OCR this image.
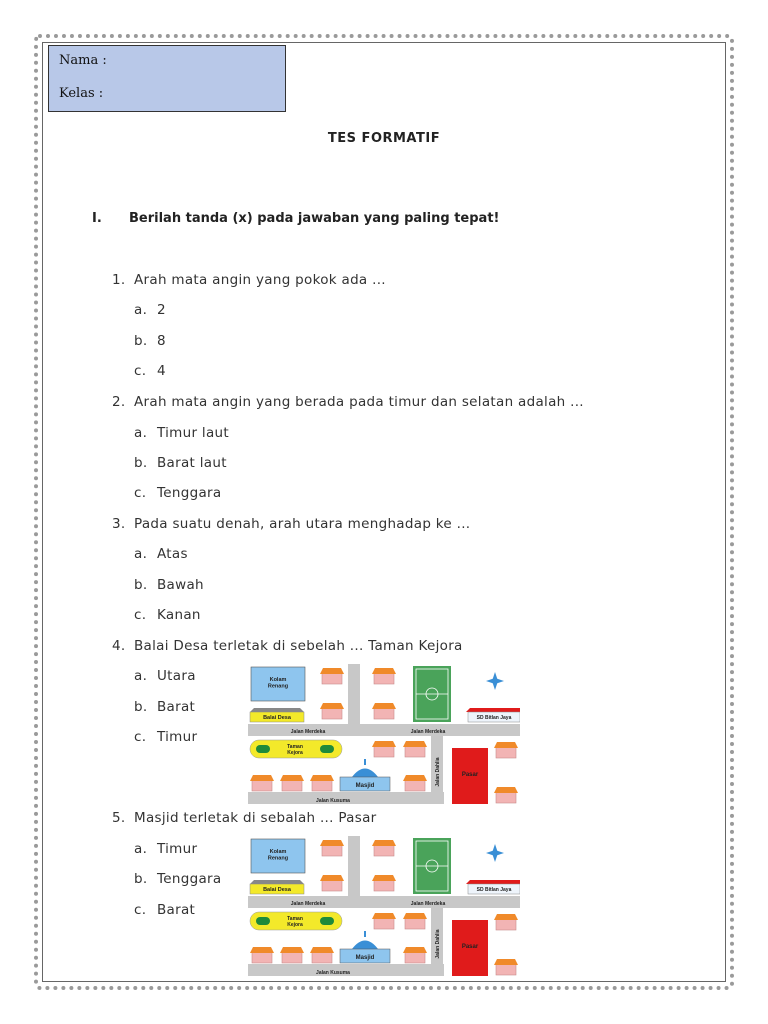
Nama :
Kelas :
TES FORMATIF
I. Berilah tanda (x) pada jawaban yang paling tepat!
1. Arah mata angin yang pokok ada ...
a. 2
b. 8
c. 4
2. Arah mata angin yang berada pada timur dan selatan adalah ...
a. Timur laut
b. Barat laut
c. Tenggara
3. Pada suatu denah, arah utara menghadap ke ...
a. Atas
b. Bawah
c. Kanan
4. Balai Desa terletak di sebelah ... Taman Kejora
a. Utara
b. Barat
c. Timur
5. Masjid terletak di sebalah ... Pasar
a. Timur
b. Tenggara
c. Barat
Jalan Merdeka	Jalan Merdeka
Jalan Kusuma
Jalan Dahlia
Kolam Renang
Balai Desa	SD Bitlan Jaya
Taman Kejora
Masjid
Pasar
Jalan Merdeka	Jalan Merdeka
Jalan Kusuma
Jalan Dahlia
Kolam Renang
Balai Desa	SD Bitlan Jaya
Taman Kejora
Masjid
Pasar
